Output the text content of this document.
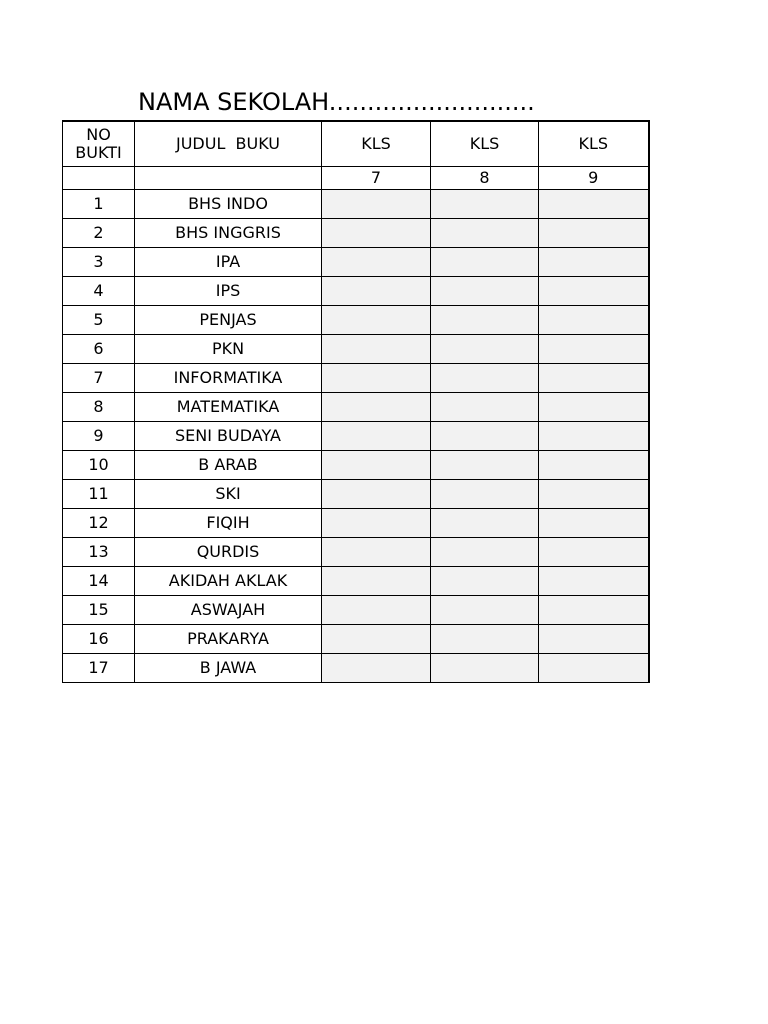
NAMA SEKOLAH...........................
NO
BUKTI	JUDUL  BUKU	KLS	KLS	KLS
		7	8	9
1	BHS INDO			
2	BHS INGGRIS			
3	IPA			
4	IPS			
5	PENJAS			
6	PKN			
7	INFORMATIKA			
8	MATEMATIKA			
9	SENI BUDAYA			
10	B ARAB			
11	SKI			
12	FIQIH			
13	QURDIS			
14	AKIDAH AKLAK			
15	ASWAJAH			
16	PRAKARYA			
17	B JAWA			
